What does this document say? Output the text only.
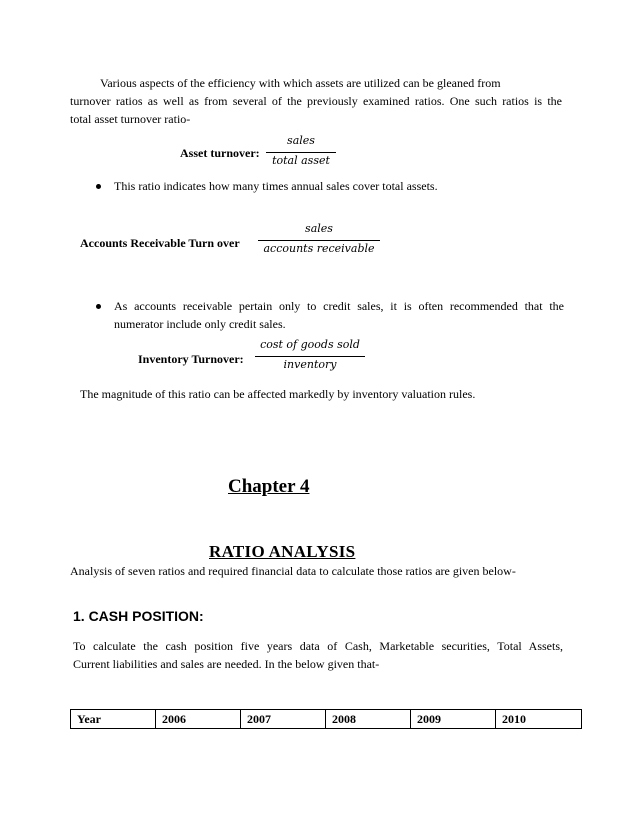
Various aspects of the efficiency with which assets are utilized can be gleaned from
turnover ratios as well as from several of the previously examined ratios. One such ratios is the
total asset turnover ratio-
Asset turnover:
sales
total asset
This ratio indicates how many times annual sales cover total assets.
Accounts Receivable Turn over
sales
accounts receivable
As accounts receivable pertain only to credit sales, it is often recommended that the
numerator include only credit sales.
Inventory Turnover:
cost of goods sold
inventory
The magnitude of this ratio can be affected markedly by inventory valuation rules.
Chapter 4
RATIO ANALYSIS
Analysis of seven ratios and required financial data to calculate those ratios are given below-
1. CASH POSITION:
To calculate the cash position five years data of Cash, Marketable securities, Total Assets,
Current liabilities and sales are needed. In the below given that-
Year	2006	2007	2008	2009	2010
